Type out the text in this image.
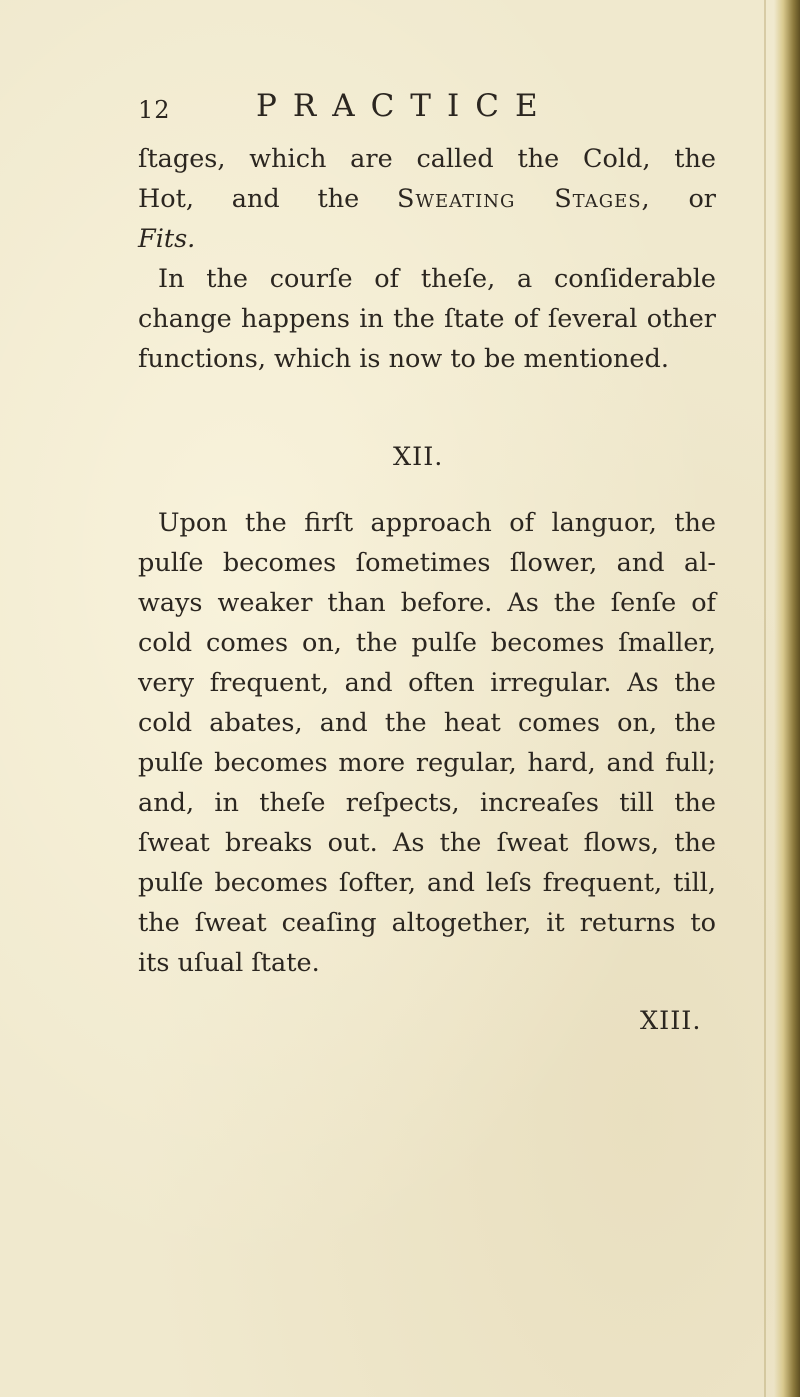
12	PRACTICE
ſtages, which are called the Cold, the
Hot, and the Sweating Stages, or
Fits.
In the courſe of theſe, a conſiderable
change happens in the ſtate of ſeveral other
functions, which is now to be mentioned.
XII.
Upon the firſt approach of languor, the
pulſe becomes ſometimes ſlower, and al-
ways weaker than before. As the ſenſe of
cold comes on, the pulſe becomes ſmaller,
very frequent, and often irregular. As the
cold abates, and the heat comes on, the
pulſe becomes more regular, hard, and full;
and, in theſe reſpects, increaſes till the
ſweat breaks out. As the ſweat flows, the
pulſe becomes ſofter, and leſs frequent, till,
the ſweat ceaſing altogether, it returns to
its uſual ſtate.
XIII.
